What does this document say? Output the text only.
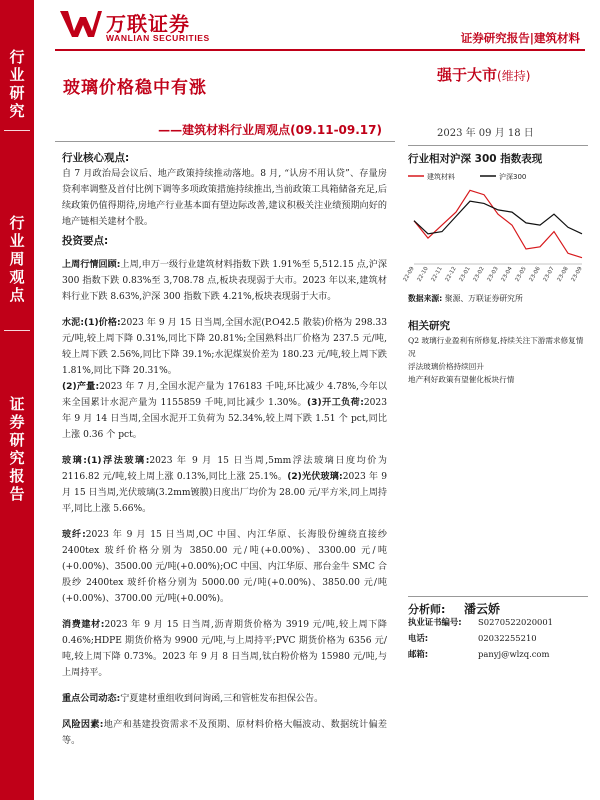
万联证券
WANLIAN SECURITIES	证券研究报告|建筑材料
行业研究
行业周观点
证券研究报告
玻璃价格稳中有涨
——建筑材料行业周观点(09.11-09.17)
强于大市(维持)
2023 年 09 月 18 日
行业核心观点:

自 7 月政治局会议后、地产政策持续推动落地。8 月, “认房不用认贷”、存量房贷利率调整及首付比例下调等多项政策措施持续推出,当前政策工具箱储备充足,后续政策仍值得期待,房地产行业基本面有望边际改善,建议积极关注业绩预期向好的地产链相关建材个股。

投资要点:

上周行情回顾:上周,申万一级行业建筑材料指数下跌 1.91%至 5,512.15 点,沪深 300 指数下跌 0.83%至 3,708.78 点,板块表现弱于大市。2023 年以来,建筑材料行业下跌 8.63%,沪深 300 指数下跌 4.21%,板块表现弱于大市。

水泥:(1)价格:2023 年 9 月 15 日当周,全国水泥(P.O42.5 散装)价格为 298.33 元/吨,较上周下降 0.31%,同比下降 20.81%;全国熟料出厂价格为 237.5 元/吨,较上周下跌 2.56%,同比下降 39.1%;水泥煤炭价差为 180.23 元/吨,较上周下跌 1.81%,同比下降 20.31%。

(2)产量:2023 年 7 月,全国水泥产量为 176183 千吨,环比减少 4.78%,今年以来全国累计水泥产量为 1155859 千吨,同比减少 1.30%。(3)开工负荷:2023 年 9 月 14 日当周,全国水泥开工负荷为 52.34%,较上周下跌 1.51 个 pct,同比上涨 0.36 个 pct。

玻璃:(1)浮法玻璃:2023 年 9 月 15 日当周,5mm浮法玻璃日度均价为 2116.82 元/吨,较上周上涨 0.13%,同比上涨 25.1%。(2)光伏玻璃:2023 年 9 月 15 日当周,光伏玻璃(3.2mm镀膜)日度出厂均价为 28.00 元/平方米,同上周持平,同比上涨 5.66%。

玻纤:2023 年 9 月 15 日当周,OC 中国、内江华原、长海股份缠绕直接纱 2400tex 玻纤价格分别为 3850.00 元/吨(+0.00%)、3300.00 元/吨(+0.00%)、3500.00 元/吨(+0.00%);OC 中国、内江华原、邢台金牛 SMC 合股纱 2400tex 玻纤价格分别为 5000.00 元/吨(+0.00%)、3850.00 元/吨(+0.00%)、3700.00 元/吨(+0.00%)。

消费建材:2023 年 9 月 15 日当周,沥青期货价格为 3919 元/吨,较上周下降 0.46%;HDPE 期货价格为 9900 元/吨,与上周持平;PVC 期货价格为 6356 元/吨,较上周下降 0.73%。2023 年 9 月 8 日当周,钛白粉价格为 15980 元/吨,与上周持平。

重点公司动态:宁夏建材重组收到问询函,三和管桩发布担保公告。

风险因素:地产和基建投资需求不及预期、原材料价格大幅波动、数据统计偏差等。

行业相对沪深 300 指数表现
建筑材料	沪深300
22-09 22-10 22-11 22-12 23-01 23-02 23-03 23-04 23-05 23-06 23-07 23-08 23-09
数据来源: 聚源、万联证券研究所
相关研究
Q2 玻璃行业盈利有所修复,持续关注下游需求修复情况
浮法玻璃价格持续回升
地产利好政策有望催化板块行情
分析师: 潘云娇
执业证书编号: S0270522020001
电话:	02032255210
邮箱:	panyj@wlzq.com
